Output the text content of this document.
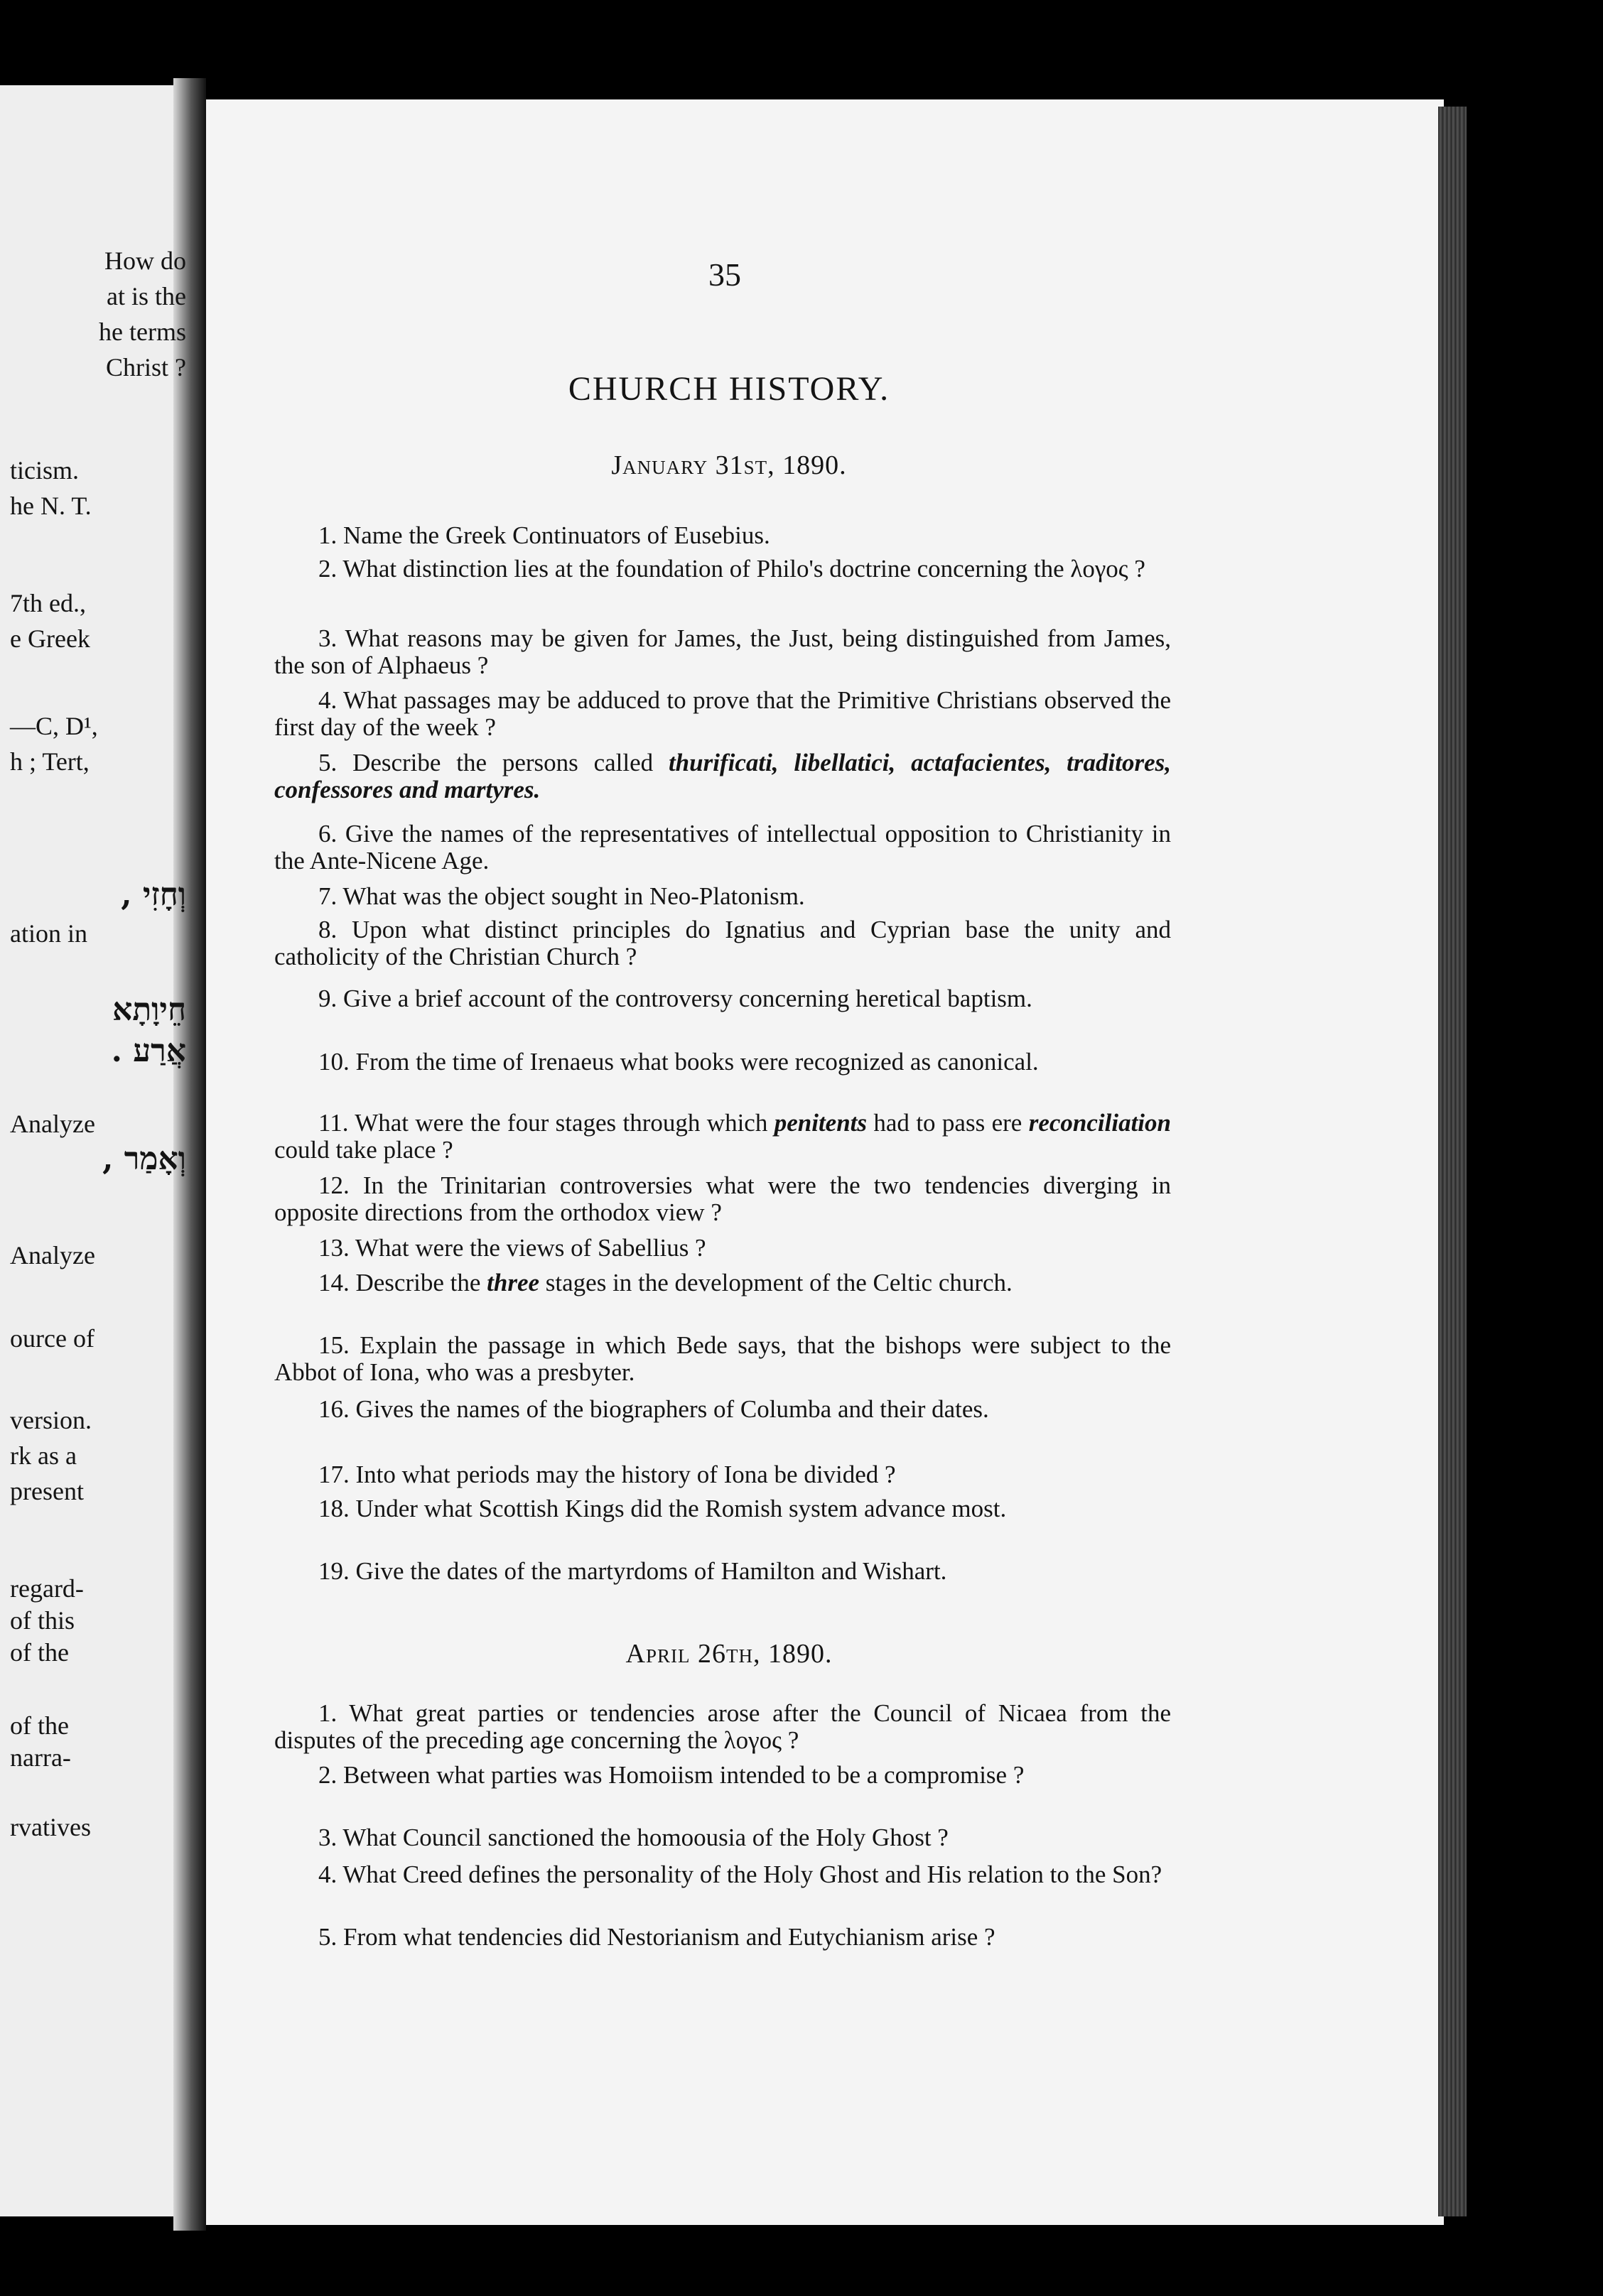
How do
at is the
he terms
Christ ?
ticism.
he N. T.
7th ed.,
e Greek
—C, D¹,
h ; Tert,
וְחָזִי ,
ation in
חֵיוָתָא
אֲרַע .
Analyze
וְאָמַר ,
Analyze
ource of
version.
rk as a
present
regard-
of this
of the
of the
narra-
rvatives
35
CHURCH HISTORY.
January 31st, 1890.
1. Name the Greek Continuators of Eusebius.
2. What distinction lies at the foundation of Philo's doctrine concerning the λογος ?
3. What reasons may be given for James, the Just, being distinguished from James, the son of Alphaeus ?
4. What passages may be adduced to prove that the Primitive Christians observed the first day of the week ?
5. Describe the persons called thurificati, libellatici, actafacientes, traditores, confessores and martyres.
6. Give the names of the representatives of intellectual opposition to Christianity in the Ante-Nicene Age.
7. What was the object sought in Neo-Platonism.
8. Upon what distinct principles do Ignatius and Cyprian base the unity and catholicity of the Christian Church ?
9. Give a brief account of the controversy concerning heretical baptism.
10. From the time of Irenaeus what books were recognized as canonical.
11. What were the four stages through which penitents had to pass ere reconciliation could take place ?
12. In the Trinitarian controversies what were the two tendencies diverging in opposite directions from the orthodox view ?
13. What were the views of Sabellius ?
14. Describe the three stages in the development of the Celtic church.
15. Explain the passage in which Bede says, that the bishops were subject to the Abbot of Iona, who was a presbyter.
16. Gives the names of the biographers of Columba and their dates.
17. Into what periods may the history of Iona be divided ?
18. Under what Scottish Kings did the Romish system advance most.
19. Give the dates of the martyrdoms of Hamilton and Wishart.
April 26th, 1890.
1. What great parties or tendencies arose after the Council of Nicaea from the disputes of the preceding age concerning the λογος ?
2. Between what parties was Homoiism intended to be a compromise ?
3. What Council sanctioned the homoousia of the Holy Ghost ?
4. What Creed defines the personality of the Holy Ghost and His relation to the Son?
5. From what tendencies did Nestorianism and Eutychianism arise ?
